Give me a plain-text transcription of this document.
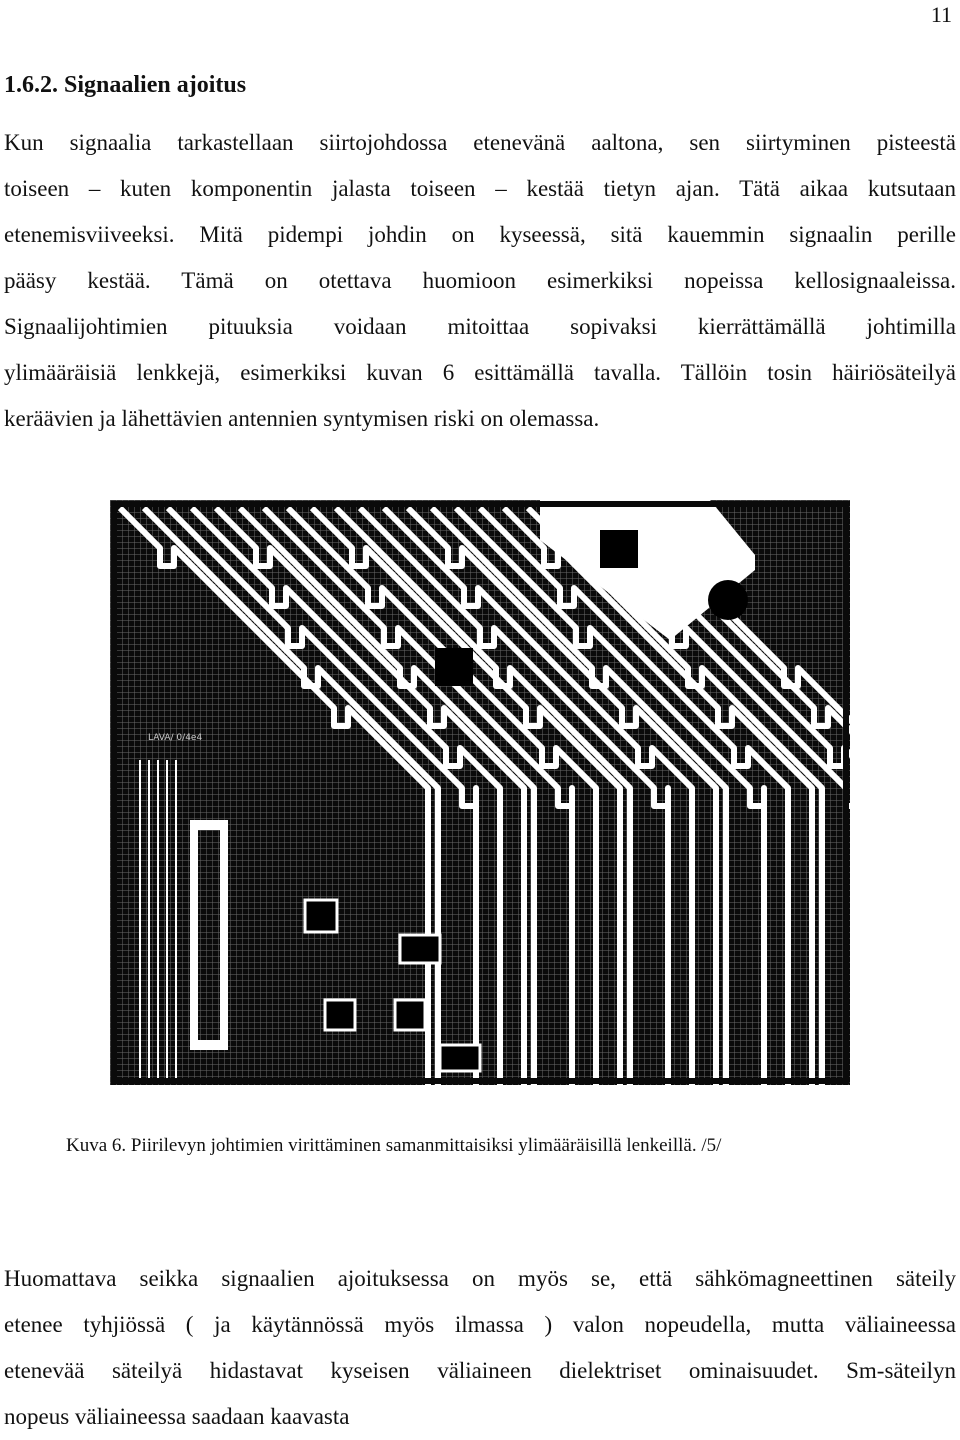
11
1.6.2. Signaalien ajoitus

Kun signaalia tarkastellaan siirtojohdossa etenevänä aaltona, sen siirtyminen pisteestä
toiseen – kuten komponentin jalasta toiseen – kestää tietyn ajan. Tätä aikaa kutsutaan
etenemisviiveeksi. Mitä pidempi johdin on kyseessä, sitä kauemmin signaalin perille
pääsy kestää. Tämä on otettava huomioon esimerkiksi nopeissa kellosignaaleissa.
Signaalijohtimien pituuksia voidaan mitoittaa sopivaksi kierrättämällä johtimilla
ylimääräisiä lenkkejä, esimerkiksi kuvan 6 esittämällä tavalla. Tällöin tosin häiriösäteilyä
keräävien ja lähettävien antennien syntymisen riski on olemassa.

LAVA/ 0/4e4
Kuva 6. Piirilevyn johtimien virittäminen samanmittaisiksi ylimääräisillä lenkeillä. /5/

Huomattava seikka signaalien ajoituksessa on myös se, että sähkömagneettinen säteily
etenee tyhjiössä ( ja käytännössä myös ilmassa ) valon nopeudella, mutta väliaineessa
etenevää säteilyä hidastavat kyseisen väliaineen dielektriset ominaisuudet. Sm-säteilyn
nopeus väliaineessa saadaan kaavasta
